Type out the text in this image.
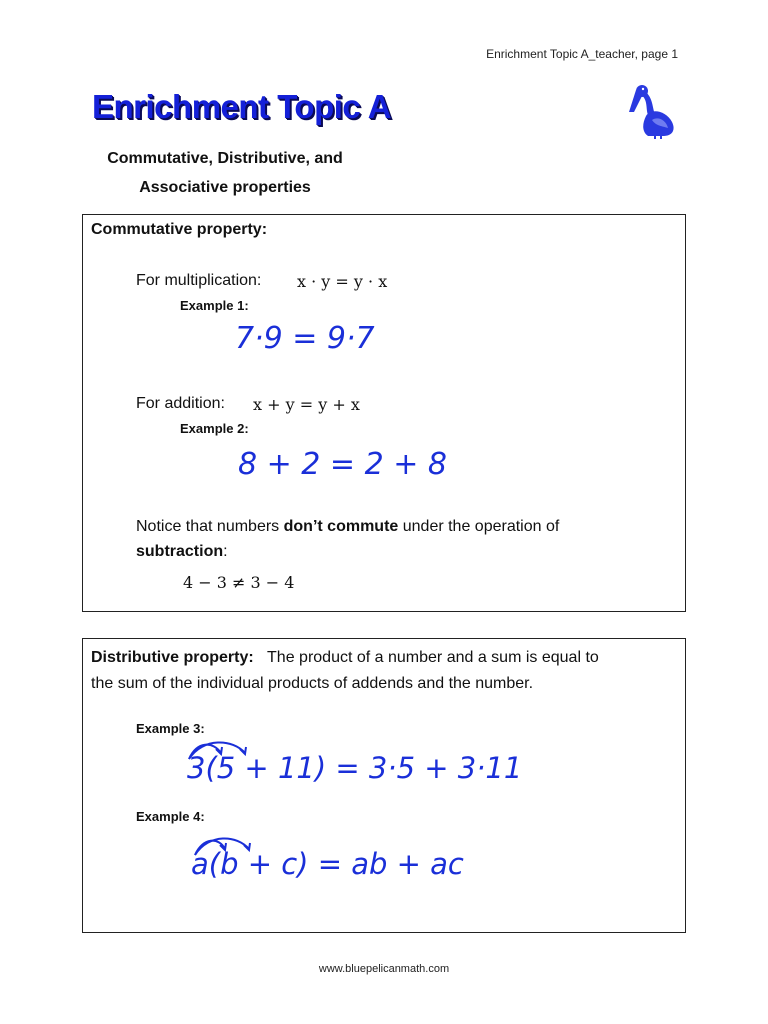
Enrichment Topic A_teacher, page 1
Enrichment Topic A
Commutative, Distributive, and
Associative properties
Commutative property:
For multiplication: x · y = y · x
Example 1:
7·9 = 9·7
For addition: x + y = y + x
Example 2:
8 + 2 = 2 + 8
Notice that numbers don’t commute under the operation of
subtraction:
4 − 3 ≠ 3 − 4
Distributive property: The product of a number and a sum is equal to
the sum of the individual products of addends and the number.
Example 3:
3(5 + 11) = 3·5 + 3·11
Example 4:
a(b + c) = ab + ac
www.bluepelicanmath.com
